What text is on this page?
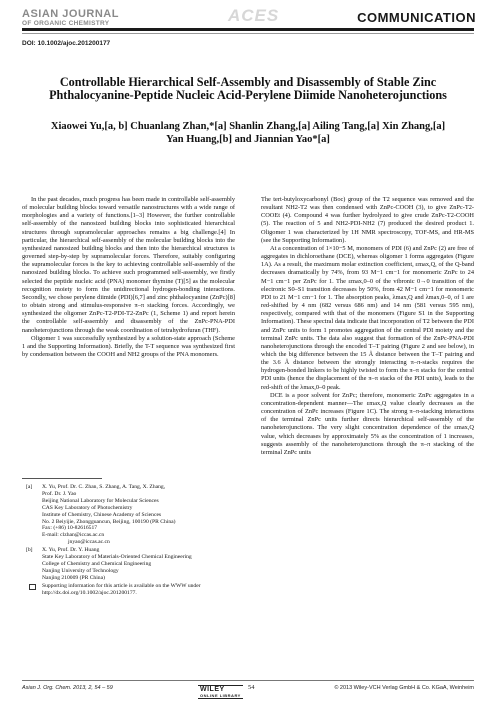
ASIAN JOURNAL
OF ORGANIC CHEMISTRY	ACES	COMMUNICATION
DOI: 10.1002/ajoc.201200177
Controllable Hierarchical Self-Assembly and Disassembly of Stable Zinc Phthalocyanine-Peptide Nucleic Acid-Perylene Diimide Nanoheterojunctions
Xiaowei Yu,[a, b] Chuanlang Zhan,*[a] Shanlin Zhang,[a] Ailing Tang,[a] Xin Zhang,[a]
Yan Huang,[b] and Jiannian Yao*[a]

In the past decades, much progress has been made in controllable self-assembly of molecular building blocks toward versatile nanostructures with a wide range of morphologies and a variety of functions.[1–3] However, the further controllable self-assembly of the nanosized building blocks into sophisticated hierarchical structures through supramolecular approaches remains a big challenge.[4] In particular, the hierarchical self-assembly of the molecular building blocks into the synthesized nanosized building blocks and then into the hierarchical structures is governed step-by-step by supramolecular forces. Therefore, suitably configuring the supramolecular forces is the key to achieving controllable self-assembly of the nanosized building blocks. To achieve such programmed self-assembly, we firstly selected the peptide nucleic acid (PNA) monomer thymine (T)[5] as the molecular recognition moiety to form the unidirectional hydrogen-bonding interactions. Secondly, we chose perylene diimide (PDI)[6,7] and zinc phthalocyanine (ZnPc)[8] to obtain strong and stimulus-responsive π–π stacking forces. Accordingly, we synthesized the oligomer ZnPc-T2-PDI-T2-ZnPc (1, Scheme 1) and report herein the controllable self-assembly and disassembly of the ZnPc-PNA-PDI nanoheterojunctions through the weak coordination of tetrahydrofuran (THF).

Oligomer 1 was successfully synthesized by a solution-state approach (Scheme 1 and the Supporting Information). Briefly, the T-T sequence was synthesized first by condensation between the COOH and NH2 groups of the PNA monomers.

The tert-butyloxycarbonyl (Boc) group of the T2 sequence was removed and the resultant NH2-T2 was then condensed with ZnPc-COOH (3), to give ZnPc-T2-COOEt (4). Compound 4 was further hydrolyzed to give crude ZnPc-T2-COOH (5). The reaction of 5 and NH2-PDI-NH2 (7) produced the desired product 1. Oligomer 1 was characterized by 1H NMR spectroscopy, TOF-MS, and HR-MS (see the Supporting Information).

At a concentration of 1×10−5 M, monomers of PDI (6) and ZnPc (2) are free of aggregates in dichloroethane (DCE), whereas oligomer 1 forms aggregates (Figure 1A). As a result, the maximum molar extinction coefficient, εmax,Q, of the Q-band decreases dramatically by 74%, from 93 M−1 cm−1 for monomeric ZnPc to 24 M−1 cm−1 per ZnPc for 1. The εmax,0–0 of the vibronic 0→0 transition of the electronic S0–S1 transition decreases by 50%, from 42 M−1 cm−1 for monomeric PDI to 21 M−1 cm−1 for 1. The absorption peaks, λmax,Q and λmax,0–0, of 1 are red-shifted by 4 nm (682 versus 686 nm) and 14 nm (581 versus 595 nm), respectively, compared with that of the monomers (Figure S1 in the Supporting Information). These spectral data indicate that incorporation of T2 between the PDI and ZnPc units to form 1 promotes aggregation of the central PDI moiety and the terminal ZnPc units. The data also suggest that formation of the ZnPc-PNA-PDI nanoheterojunctions through the encoded T–T pairing (Figure 2 and see below), in which the big difference between the 15 Å distance between the T–T pairing and the 3.6 Å distance between the strongly interacting π–π-stacks requires the hydrogen-bonded linkers to be highly twisted to form the π–π stacks for the central PDI units (hence the displacement of the π–π stacks of the PDI units), leads to the red-shift of the λmax,0–0 peak.

DCE is a poor solvent for ZnPc; therefore, monomeric ZnPc aggregates in a concentration-dependent manner—The εmax,Q value clearly decreases as the concentration of ZnPc increases (Figure 1C). The strong π–π-stacking interactions of the terminal ZnPc units further directs hierarchical self-assembly of the nanoheterojunctions. The very slight concentration dependence of the εmax,Q value, which decreases by approximately 5% as the concentration of 1 increases, suggests assembly of the nanoheterojunctions through the π–π stacking of the terminal ZnPc units

[a] X. Yu, Prof. Dr. C. Zhan, S. Zhang, A. Tang, X. Zhang,
Prof. Dr. J. Yao
Beijing National Laboratory for Molecular Sciences
CAS Key Laboratory of Photochemistry
Institute of Chemistry, Chinese Academy of Sciences
No. 2 Beiyijie, Zhongguancun, Beijing, 100190 (PR China)
Fax: (+86) 10-82616517
E-mail: clzhan@iccas.ac.cn
jnyao@iccas.ac.cn
[b] X. Yu, Prof. Dr. Y. Huang
State Key Laboratory of Materials-Oriented Chemical Engineering
College of Chemistry and Chemical Engineering
Nanjing University of Technology
Nanjing 210009 (PR China)
Supporting information for this article is available on the WWW under http://dx.doi.org/10.1002/ajoc.201200177.
Asian J. Org. Chem. 2013, 2, 54 – 59	WILEY
ONLINE LIBRARY
54	© 2013 Wiley-VCH Verlag GmbH & Co. KGaA, Weinheim
